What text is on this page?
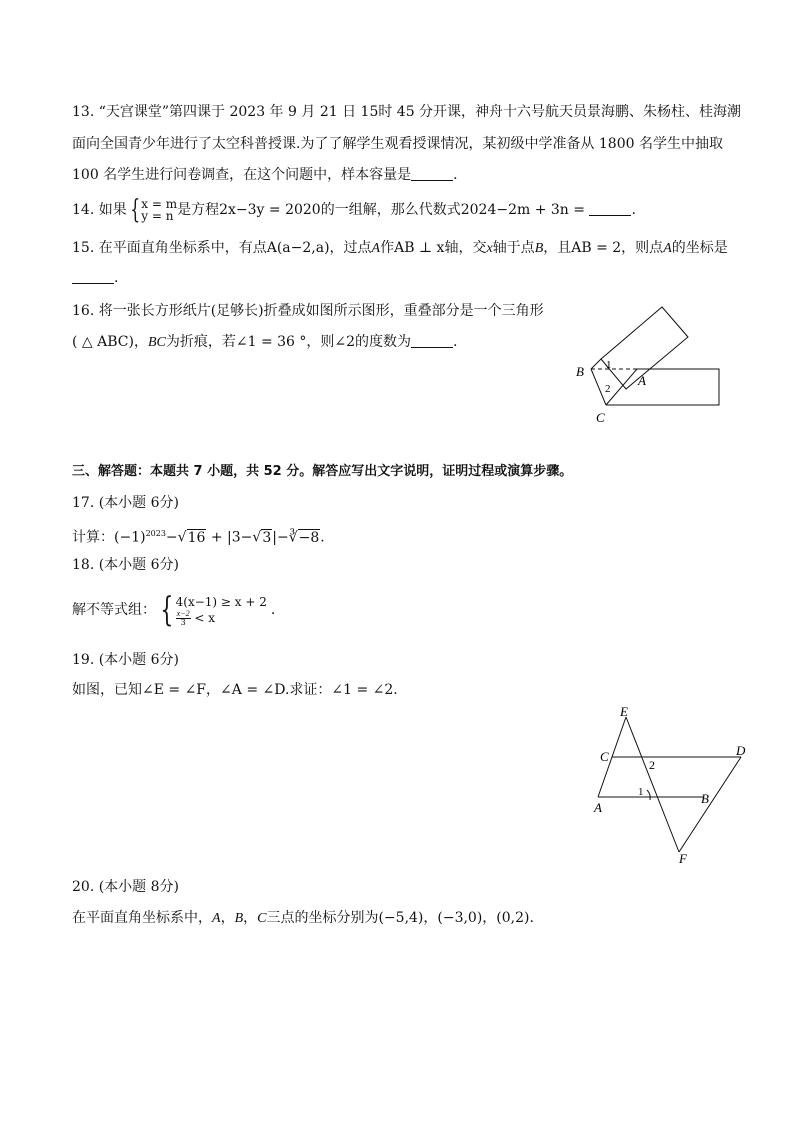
13. “天宫课堂”第四课于 2023 年 9 月 21 日 15时 45 分开课，神舟十六号航天员景海鹏、朱杨柱、桂海潮
面向全国青少年进行了太空科普授课.为了了解学生观看授课情况，某初级中学准备从 1800 名学生中抽取
100 名学生进行问卷调查，在这个问题中，样本容量是	.
14. 如果 { x = m
y = n 是方程2x−3y = 2020的一组解，那么代数式2024−2m + 3n =	.
15. 在平面直角坐标系中，有点A(a−2,a)，过点A作AB ⊥ x轴，交x轴于点B，且AB = 2，则点A的坐标是
.
16. 将一张长方形纸片(足够长)折叠成如图所示图形，重叠部分是一个三角形
( △ ABC)，BC为折痕，若∠1 = 36 °，则∠2的度数为	.
B
A
C
1
2
三、解答题：本题共 7 小题，共 52 分。解答应写出文字说明，证明过程或演算步骤。
17. (本小题 6分)
计算：$(-1)^{2023}-√16$ + |3−√3|−∛−8.
18. (本小题 6分)
解不等式组： { 4(x−1) ≥ x + 2
$\frac{x-2}{3} < x$	.
19. (本小题 6分)
如图，已知∠E = ∠F，∠A = ∠D.求证：∠1 = ∠2.
E
C	D
A
B
F
1
2
20. (本小题 8分)
在平面直角坐标系中，A，B，C三点的坐标分别为(−5,4)，(−3,0)，(0,2).
